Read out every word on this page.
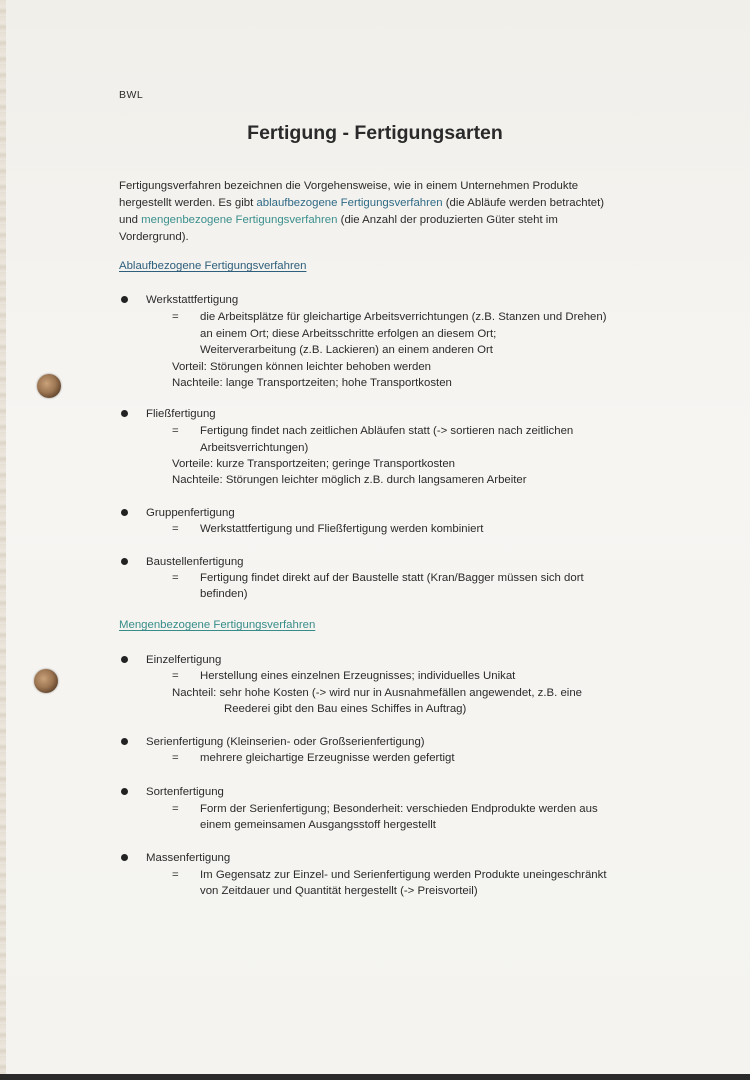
BWL
Fertigung - Fertigungsarten
Fertigungsverfahren bezeichnen die Vorgehensweise, wie in einem Unternehmen Produkte
hergestellt werden. Es gibt ablaufbezogene Fertigungsverfahren (die Abläufe werden betrachtet)
und mengenbezogene Fertigungsverfahren (die Anzahl der produzierten Güter steht im
Vordergrund).
Ablaufbezogene Fertigungsverfahren
Werkstattfertigung
= die Arbeitsplätze für gleichartige Arbeitsverrichtungen (z.B. Stanzen und Drehen)
an einem Ort; diese Arbeitsschritte erfolgen an diesem Ort;
Weiterverarbeitung (z.B. Lackieren) an einem anderen Ort
Vorteil: Störungen können leichter behoben werden
Nachteile: lange Transportzeiten; hohe Transportkosten
Fließfertigung
= Fertigung findet nach zeitlichen Abläufen statt (-> sortieren nach zeitlichen
Arbeitsverrichtungen)
Vorteile: kurze Transportzeiten; geringe Transportkosten
Nachteile: Störungen leichter möglich z.B. durch langsameren Arbeiter
Gruppenfertigung
= Werkstattfertigung und Fließfertigung werden kombiniert
Baustellenfertigung
= Fertigung findet direkt auf der Baustelle statt (Kran/Bagger müssen sich dort
befinden)
Mengenbezogene Fertigungsverfahren
Einzelfertigung
= Herstellung eines einzelnen Erzeugnisses; individuelles Unikat
Nachteil: sehr hohe Kosten (-> wird nur in Ausnahmefällen angewendet, z.B. eine
Reederei gibt den Bau eines Schiffes in Auftrag)
Serienfertigung (Kleinserien- oder Großserienfertigung)
= mehrere gleichartige Erzeugnisse werden gefertigt
Sortenfertigung
= Form der Serienfertigung; Besonderheit: verschieden Endprodukte werden aus
einem gemeinsamen Ausgangsstoff hergestellt
Massenfertigung
= Im Gegensatz zur Einzel- und Serienfertigung werden Produkte uneingeschränkt
von Zeitdauer und Quantität hergestellt (-> Preisvorteil)
